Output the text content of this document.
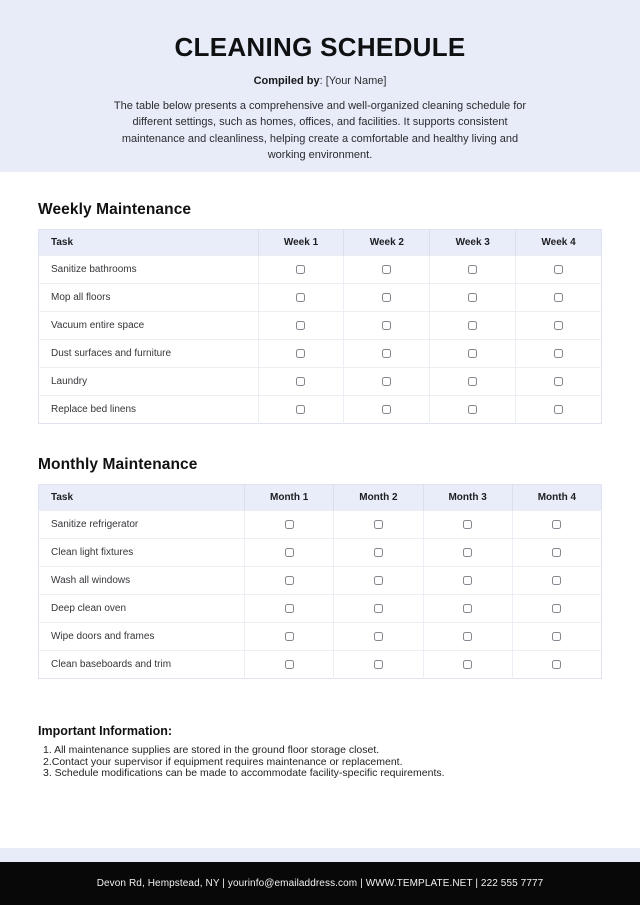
CLEANING SCHEDULE
Compiled by: [Your Name]

The table below presents a comprehensive and well-organized cleaning schedule for different settings, such as homes, offices, and facilities. It supports consistent maintenance and cleanliness, helping create a comfortable and healthy living and working environment.

Weekly Maintenance
Task	Week 1	Week 2	Week 3	Week 4
Sanitize bathrooms				
Mop all floors				
Vacuum entire space				
Dust surfaces and furniture				
Laundry				
Replace bed linens				
Monthly Maintenance
Task	Month 1	Month 2	Month 3	Month 4
Sanitize refrigerator				
Clean light fixtures				
Wash all windows				
Deep clean oven				
Wipe doors and frames				
Clean baseboards and trim				
Important Information:
1. All maintenance supplies are stored in the ground floor storage closet.
2.Contact your supervisor if equipment requires maintenance or replacement.
3. Schedule modifications can be made to accommodate facility-specific requirements.
Devon Rd, Hempstead, NY | yourinfo@emailaddress.com | WWW.TEMPLATE.NET | 222 555 7777
